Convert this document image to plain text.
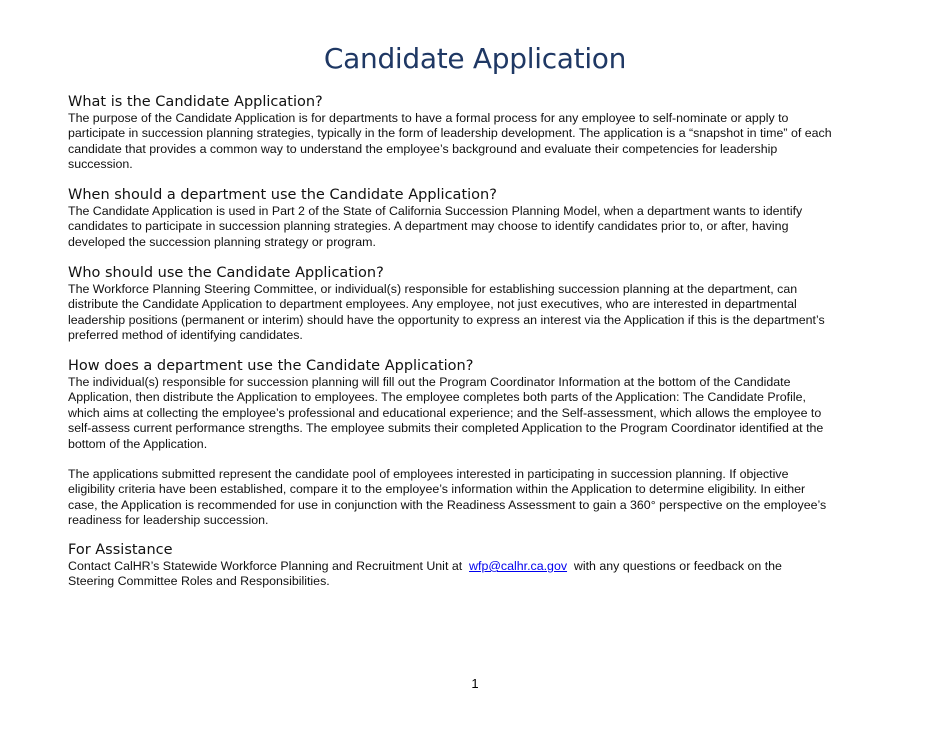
Candidate Application
What is the Candidate Application?
The purpose of the Candidate Application is for departments to have a formal process for any employee to self-nominate or apply to
participate in succession planning strategies, typically in the form of leadership development. The application is a “snapshot in time” of each
candidate that provides a common way to understand the employee’s background and evaluate their competencies for leadership
succession.
When should a department use the Candidate Application?
The Candidate Application is used in Part 2 of the State of California Succession Planning Model, when a department wants to identify
candidates to participate in succession planning strategies. A department may choose to identify candidates prior to, or after, having
developed the succession planning strategy or program.
Who should use the Candidate Application?
The Workforce Planning Steering Committee, or individual(s) responsible for establishing succession planning at the department, can
distribute the Candidate Application to department employees. Any employee, not just executives, who are interested in departmental
leadership positions (permanent or interim) should have the opportunity to express an interest via the Application if this is the department’s
preferred method of identifying candidates.
How does a department use the Candidate Application?
The individual(s) responsible for succession planning will fill out the Program Coordinator Information at the bottom of the Candidate
Application, then distribute the Application to employees. The employee completes both parts of the Application: The Candidate Profile,
which aims at collecting the employee’s professional and educational experience; and the Self-assessment, which allows the employee to
self-assess current performance strengths. The employee submits their completed Application to the Program Coordinator identified at the
bottom of the Application.
The applications submitted represent the candidate pool of employees interested in participating in succession planning. If objective
eligibility criteria have been established, compare it to the employee’s information within the Application to determine eligibility. In either
case, the Application is recommended for use in conjunction with the Readiness Assessment to gain a 360° perspective on the employee’s
readiness for leadership succession.
For Assistance
Contact CalHR’s Statewide Workforce Planning and Recruitment Unit at  wfp@calhr.ca.gov  with any questions or feedback on the
Steering Committee Roles and Responsibilities.
1
